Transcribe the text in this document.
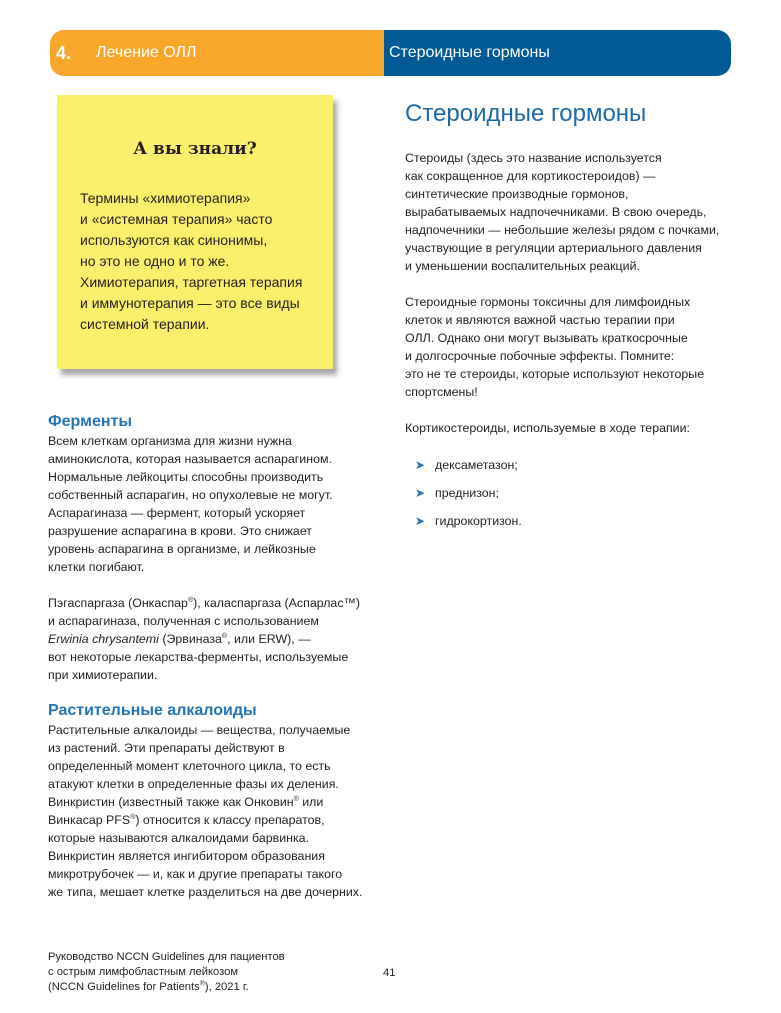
4.	Лечение ОЛЛ	Стероидные гормоны
А вы знали?
Термины «химиотерапия»
и «системная терапия» часто
используются как синонимы,
но это не одно и то же.
Химиотерапия, таргетная терапия
и иммунотерапия — это все виды
системной терапии.
Ферменты
Всем клеткам организма для жизни нужна
аминокислота, которая называется аспарагином.
Нормальные лейкоциты способны производить
собственный аспарагин, но опухолевые не могут.
Аспарагиназа — фермент, который ускоряет
разрушение аспарагина в крови. Это снижает
уровень аспарагина в организме, и лейкозные
клетки погибают.
Пэгаспаргаза (Онкаспар®), каласпаргаза (Аспарлас™)
и аспарагиназа, полученная с использованием
Erwinia chrysantemi (Эрвиназа®, или ERW), —
вот некоторые лекарства-ферменты, используемые
при химиотерапии.
Растительные алкалоиды
Растительные алкалоиды — вещества, получаемые
из растений. Эти препараты действуют в
определенный момент клеточного цикла, то есть
атакуют клетки в определенные фазы их деления.
Винкристин (известный также как Онковин® или
Винкасар PFS®) относится к классу препаратов,
которые называются алкалоидами барвинка.
Винкристин является ингибитором образования
микротрубочек — и, как и другие препараты такого
же типа, мешает клетке разделиться на две дочерних.
Стероидные гормоны
Стероиды (здесь это название используется
как сокращенное для кортикостероидов) —
синтетические производные гормонов,
вырабатываемых надпочечниками. В свою очередь,
надпочечники — небольшие железы рядом с почками,
участвующие в регуляции артериального давления
и уменьшении воспалительных реакций.
Стероидные гормоны токсичны для лимфоидных
клеток и являются важной частью терапии при
ОЛЛ. Однако они могут вызывать краткосрочные
и долгосрочные побочные эффекты. Помните:
это не те стероиды, которые используют некоторые
спортсмены!
Кортикостероиды, используемые в ходе терапии:
➤ дексаметазон;
➤ преднизон;
➤ гидрокортизон.
Руководство NCCN Guidelines для пациентов
с острым лимфобластным лейкозом
(NCCN Guidelines for Patients®), 2021 г.
41
